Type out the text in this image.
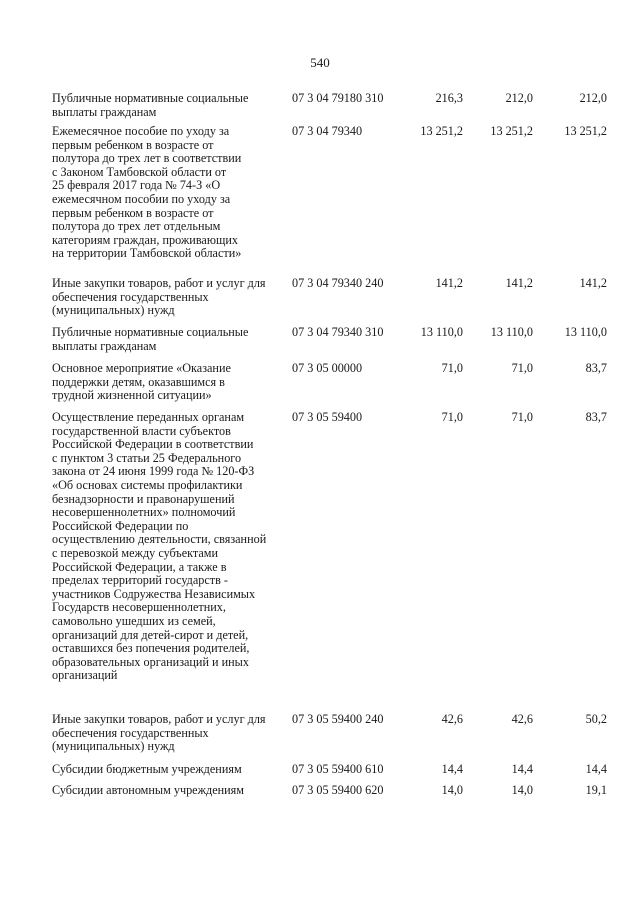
540
Публичные нормативные социальные
выплаты гражданам
07 3 04 79180 310	216,3	212,0	212,0
Ежемесячное пособие по уходу за
первым ребенком в возрасте от
полутора до трех лет в соответствии
с Законом Тамбовской области от
25 февраля 2017 года № 74-З «О
ежемесячном пособии по уходу за
первым ребенком в возрасте от
полутора до трех лет отдельным
категориям граждан, проживающих
на территории Тамбовской области»
07 3 04 79340	13 251,2	13 251,2	13 251,2
Иные закупки товаров, работ и услуг для
обеспечения государственных
(муниципальных) нужд
07 3 04 79340 240	141,2	141,2	141,2
Публичные нормативные социальные
выплаты гражданам
07 3 04 79340 310	13 110,0	13 110,0	13 110,0
Основное мероприятие «Оказание
поддержки детям, оказавшимся в
трудной жизненной ситуации»
07 3 05 00000	71,0	71,0	83,7
Осуществление переданных органам
государственной власти субъектов
Российской Федерации в соответствии
с пунктом 3 статьи 25 Федерального
закона от 24 июня 1999 года № 120-ФЗ
«Об основах системы профилактики
безнадзорности и правонарушений
несовершеннолетних» полномочий
Российской Федерации по
осуществлению деятельности, связанной
с перевозкой между субъектами
Российской Федерации, а также в
пределах территорий государств -
участников Содружества Независимых
Государств несовершеннолетних,
самовольно ушедших из семей,
организаций для детей-сирот и детей,
оставшихся без попечения родителей,
образовательных организаций и иных
организаций
07 3 05 59400	71,0	71,0	83,7
Иные закупки товаров, работ и услуг для
обеспечения государственных
(муниципальных) нужд
07 3 05 59400 240	42,6	42,6	50,2
Субсидии бюджетным учреждениям	07 3 05 59400 610	14,4	14,4	14,4
Субсидии автономным учреждениям	07 3 05 59400 620	14,0	14,0	19,1
